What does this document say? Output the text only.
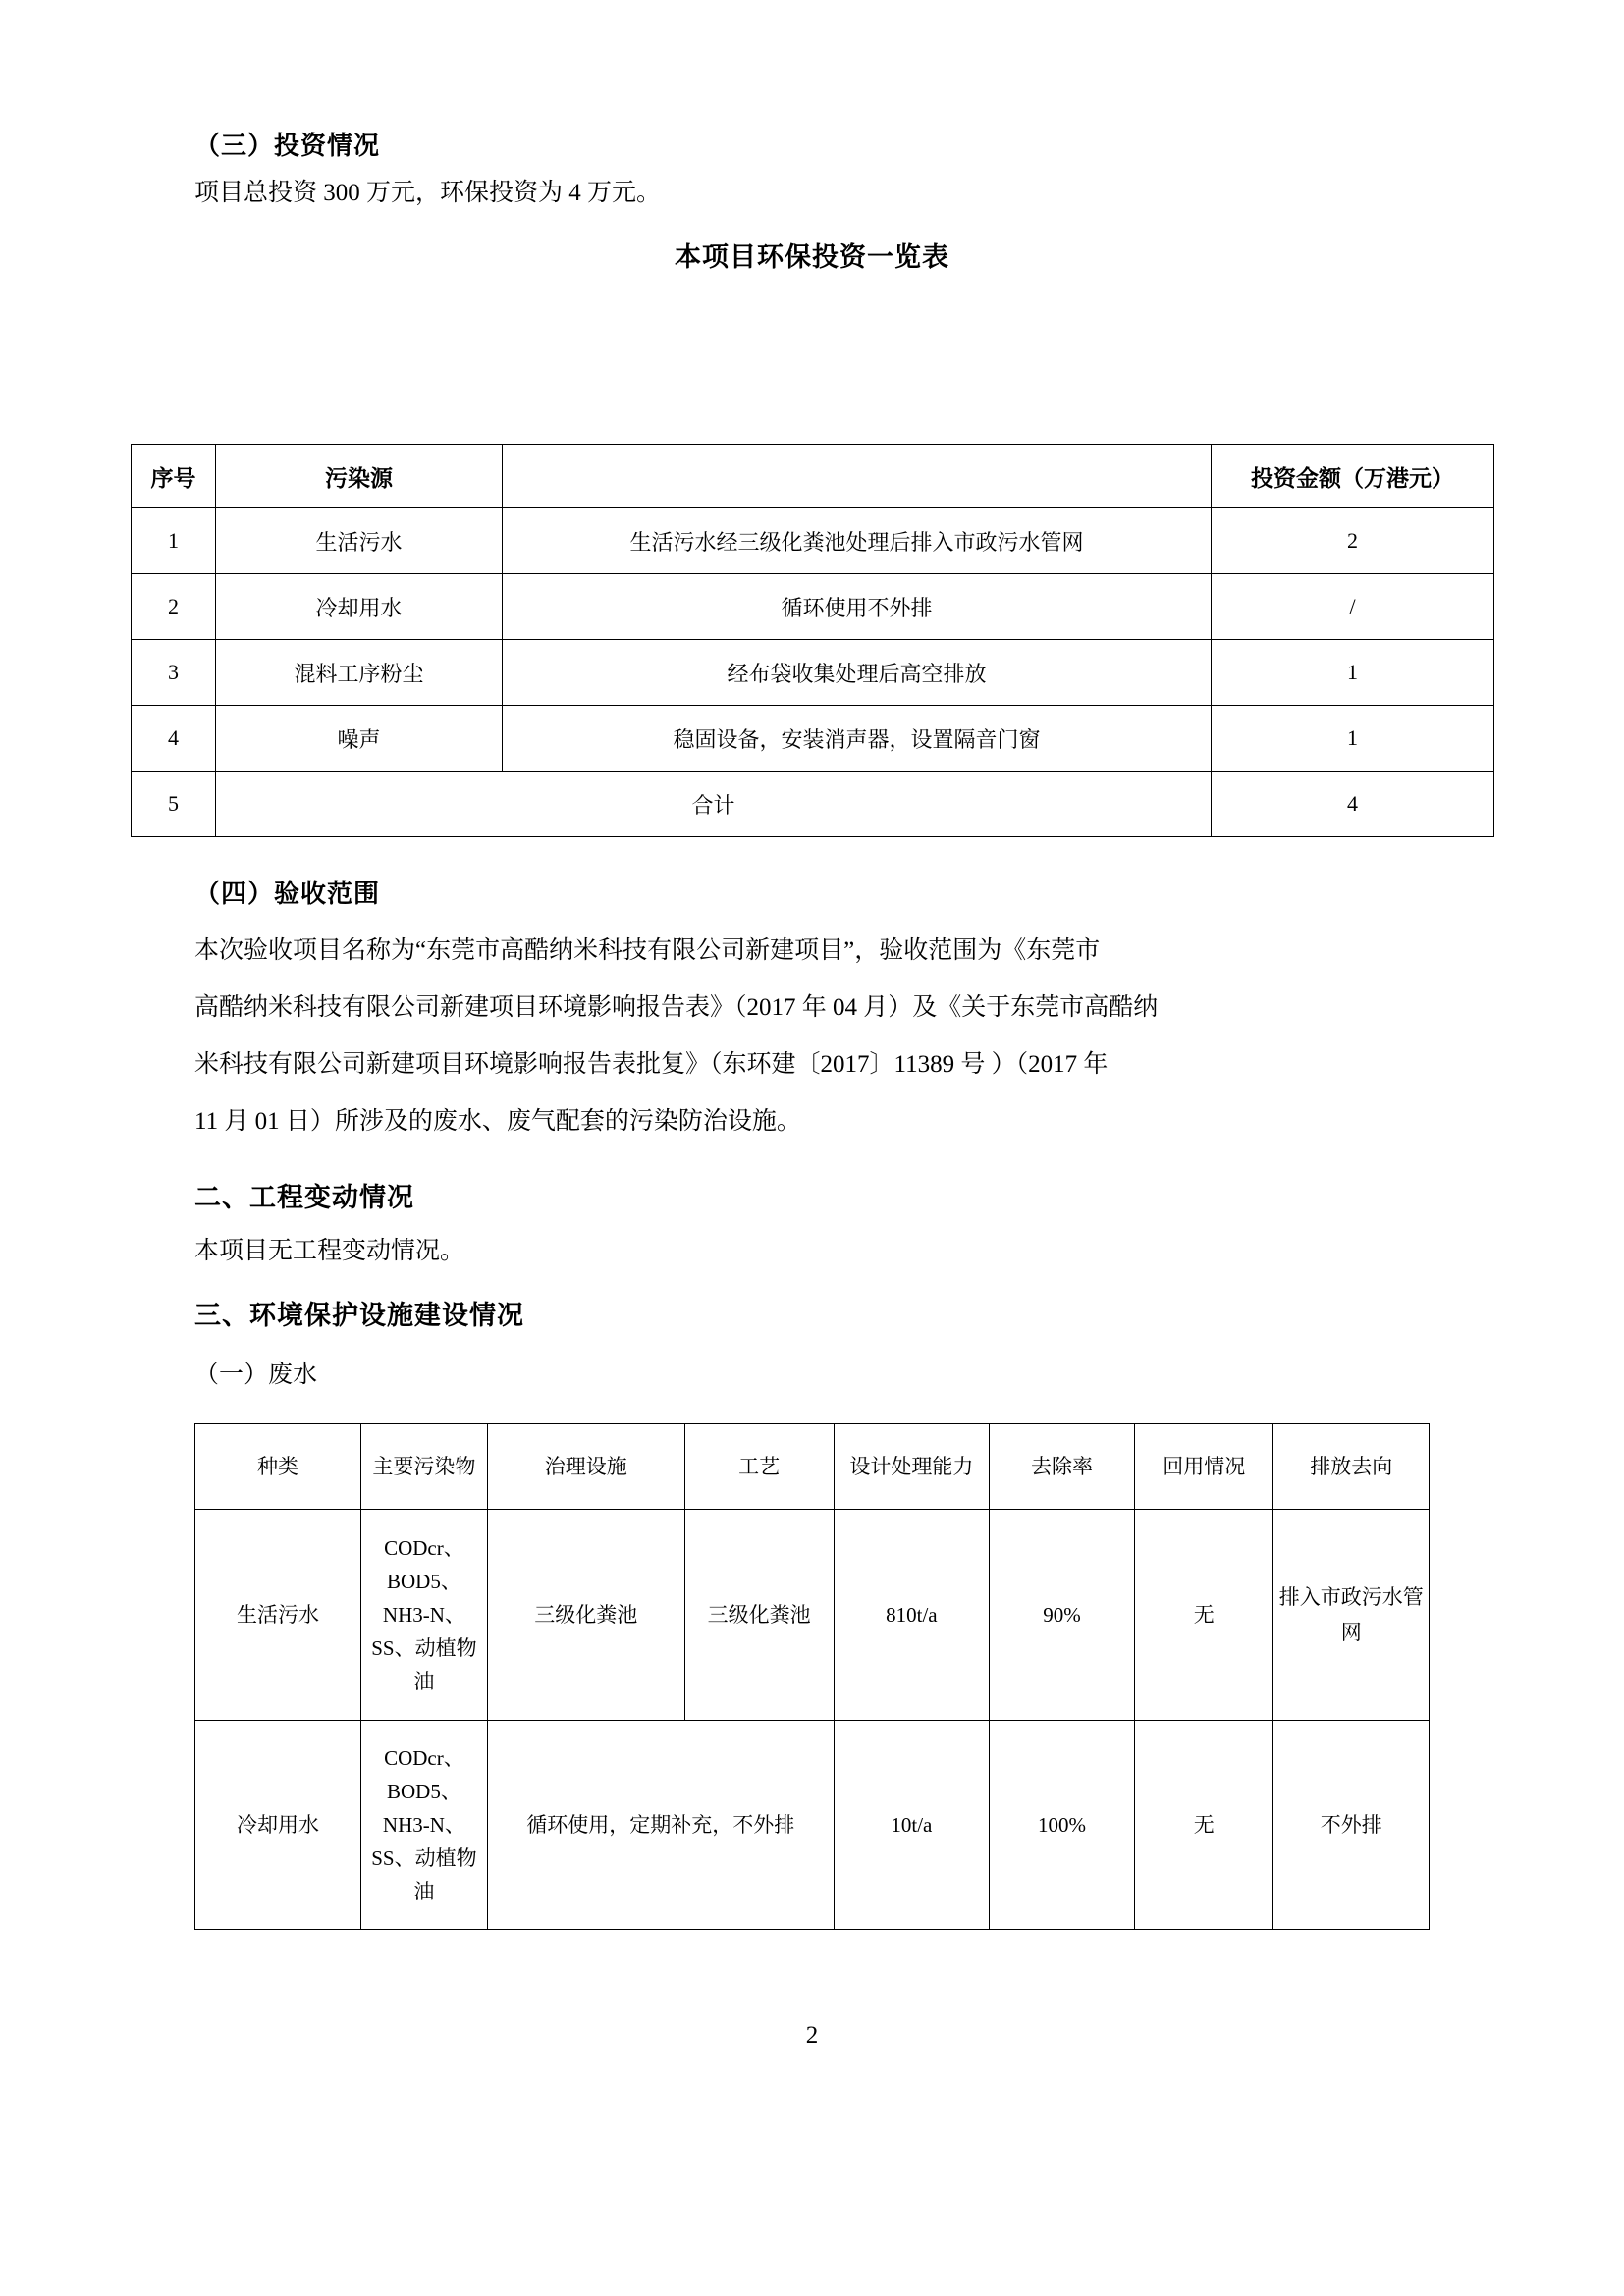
（三）投资情况

项目总投资 300 万元，环保投资为 4 万元。

本项目环保投资一览表
序号	污染源		投资金额（万港元）
1	生活污水	生活污水经三级化粪池处理后排入市政污水管网	2
2	冷却用水	循环使用不外排	/
3	混料工序粉尘	经布袋收集处理后高空排放	1
4	噪声	稳固设备，安装消声器，设置隔音门窗	1
5	合计		4
（四）验收范围
本次验收项目名称为“东莞市高酷纳米科技有限公司新建项目”，验收范围为《东莞市
高酷纳米科技有限公司新建项目环境影响报告表》（2017 年 04 月）及《关于东莞市高酷纳
米科技有限公司新建项目环境影响报告表批复》（东环建〔2017〕11389 号 ）（2017 年
11 月 01 日）所涉及的废水、废气配套的污染防治设施。
二、工程变动情况
本项目无工程变动情况。
三、环境保护设施建设情况
（一）废水
种类	主要污染物	治理设施	工艺	设计处理能力	去除率	回用情况	排放去向
生活污水	CODcr、BOD5、NH3-N、SS、动植物油	三级化粪池	三级化粪池	810t/a	90%	无	排入市政污水管网
冷却用水	CODcr、BOD5、NH3-N、SS、动植物油	循环使用，定期补充，不外排		10t/a	100%	无	不外排
2
